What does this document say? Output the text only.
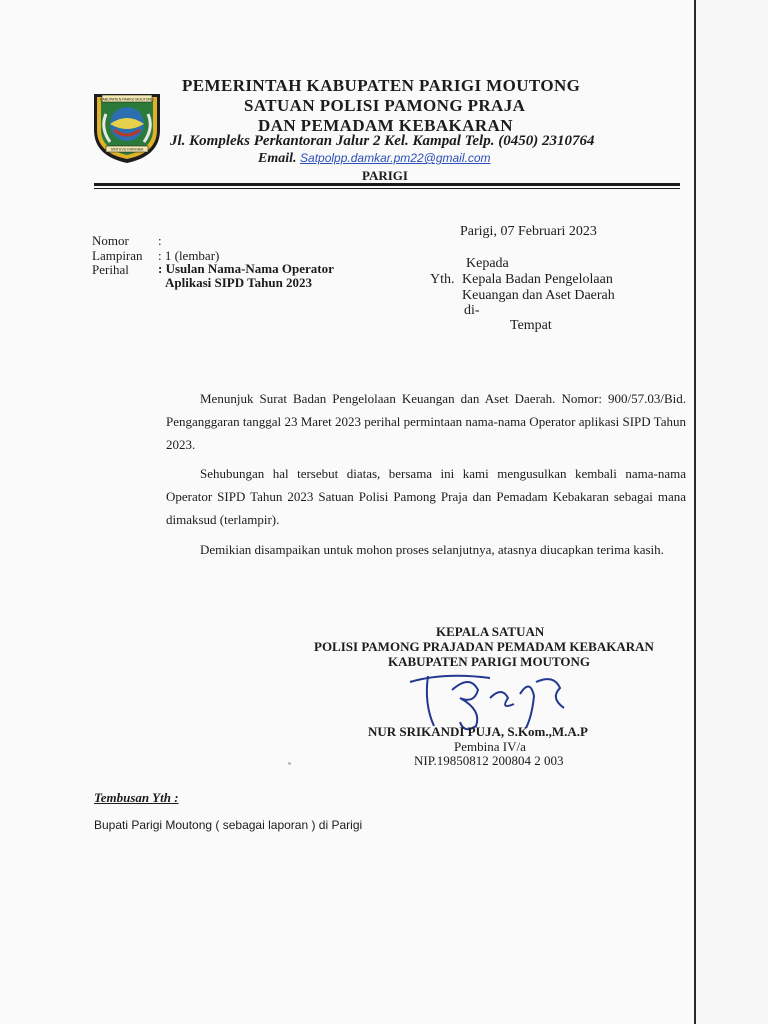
KABUPATEN PARIGI MOUTONG
SINTUVU KAROBIA
PEMERINTAH KABUPATEN PARIGI MOUTONG
SATUAN POLISI PAMONG PRAJA
DAN PEMADAM KEBAKARAN
Jl. Kompleks Perkantoran Jalur 2 Kel. Kampal Telp. (0450) 2310764
Email. Satpolpp.damkar.pm22@gmail.com
PARIGI
Nomor :
Lampiran : 1 (lembar)
Perihal : Usulan Nama-Nama Operator
Aplikasi SIPD Tahun 2023
Parigi, 07 Februari 2023
Kepada
Yth. Kepala Badan Pengelolaan
Keuangan dan Aset Daerah
di-
Tempat
Menunjuk Surat Badan Pengelolaan Keuangan dan Aset Daerah. Nomor: 900/57.03/Bid. Penganggaran tanggal 23 Maret 2023 perihal permintaan nama-nama Operator aplikasi SIPD Tahun 2023.
Sehubungan hal tersebut diatas, bersama ini kami mengusulkan kembali nama-nama Operator SIPD Tahun 2023 Satuan Polisi Pamong Praja dan Pemadam Kebakaran sebagai mana dimaksud (terlampir).
Demikian disampaikan untuk mohon proses selanjutnya, atasnya diucapkan terima kasih.
KEPALA SATUAN
POLISI PAMONG PRAJADAN PEMADAM KEBAKARAN
KABUPATEN PARIGI MOUTONG
NUR SRIKANDI PUJA, S.Kom.,M.A.P
Pembina IV/a
NIP.19850812 200804 2 003
Tembusan Yth :
Bupati Parigi Moutong ( sebagai laporan ) di Parigi
